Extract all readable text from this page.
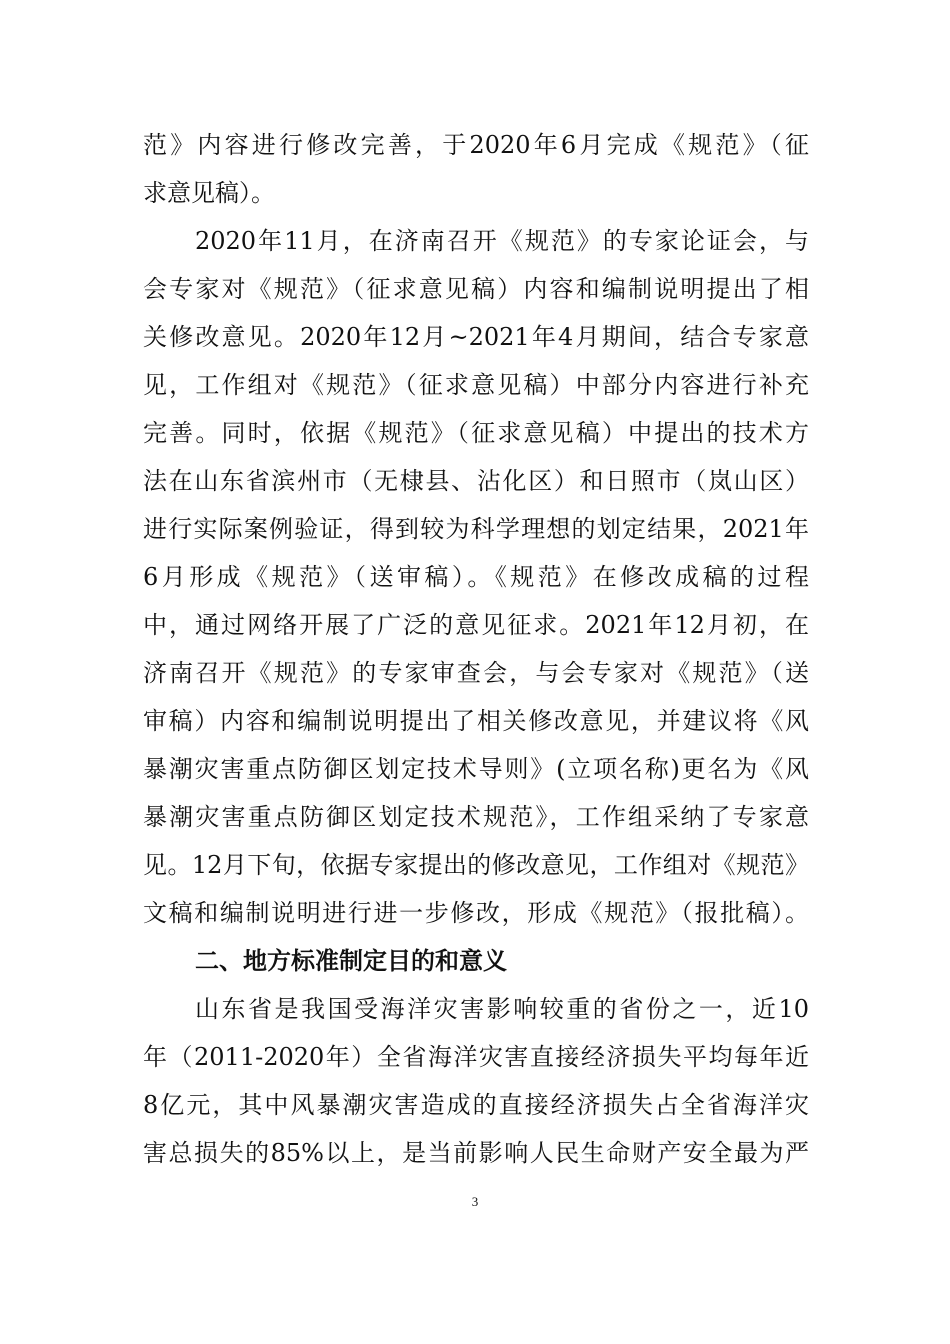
范》内容进行修改完善，于2020年6月完成《规范》（征
求意见稿）。
2020年11月，在济南召开《规范》的专家论证会，与
会专家对《规范》（征求意见稿）内容和编制说明提出了相
关修改意见。2020年12月~2021年4月期间，结合专家意
见，工作组对《规范》（征求意见稿）中部分内容进行补充
完善。同时，依据《规范》（征求意见稿）中提出的技术方
法在山东省滨州市（无棣县、沾化区）和日照市（岚山区）
进行实际案例验证，得到较为科学理想的划定结果，2021年
6月形成《规范》（送审稿）。《规范》在修改成稿的过程
中，通过网络开展了广泛的意见征求。2021年12月初，在
济南召开《规范》的专家审查会，与会专家对《规范》（送
审稿）内容和编制说明提出了相关修改意见，并建议将《风
暴潮灾害重点防御区划定技术导则》(立项名称)更名为《风
暴潮灾害重点防御区划定技术规范》，工作组采纳了专家意
见。12月下旬，依据专家提出的修改意见，工作组对《规范》
文稿和编制说明进行进一步修改，形成《规范》（报批稿）。
二、地方标准制定目的和意义
山东省是我国受海洋灾害影响较重的省份之一，近10
年（2011-2020年）全省海洋灾害直接经济损失平均每年近
8亿元，其中风暴潮灾害造成的直接经济损失占全省海洋灾
害总损失的85%以上，是当前影响人民生命财产安全最为严
3
